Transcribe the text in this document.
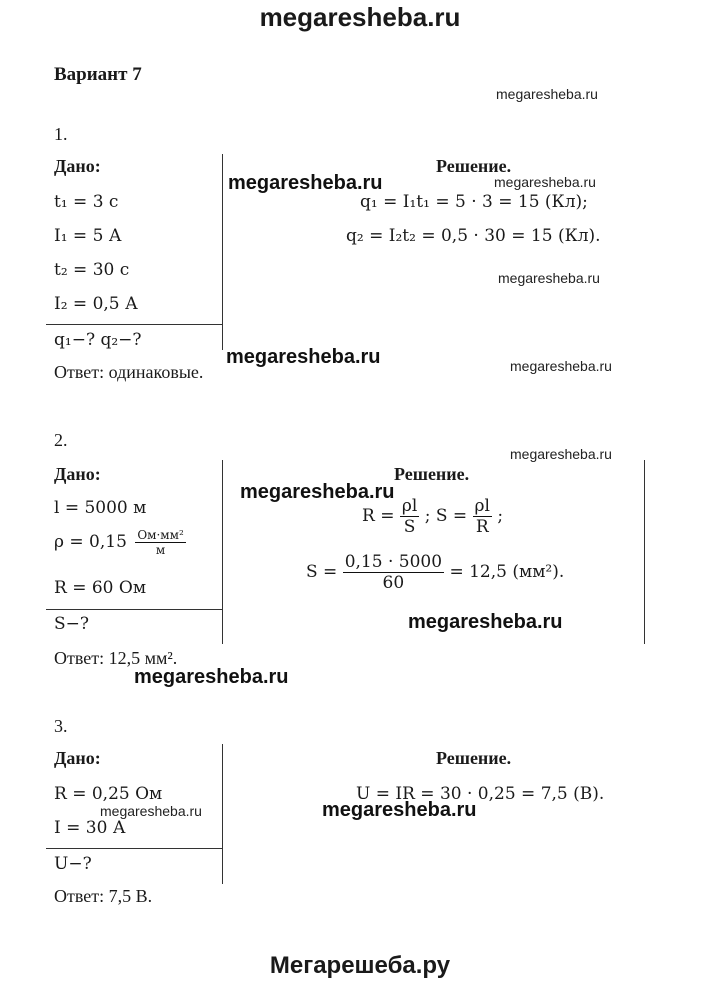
megaresheba.ru
Вариант 7
megaresheba.ru
1.
Дано:
t₁ = 3 с
I₁ = 5 А
t₂ = 30 с
I₂ = 0,5 А
q₁−? q₂−?
Решение.
q₁ = I₁t₁ = 5 · 3 = 15 (Кл);
q₂ = I₂t₂ = 0,5 · 30 = 15 (Кл).
Ответ: одинаковые.
megaresheba.ru	megaresheba.ru
megaresheba.ru
megaresheba.ru	megaresheba.ru
2.
megaresheba.ru
Дано:
l = 5000 м
$\rho = 0,15 \frac{\text{Ом·мм²}}{м}$
R = 60 Ом
S−?
Решение.
$R = \frac{\rho l}{S}$ ; $S = \frac{\rho l}{R}$ ;
$S = \frac{0,15 \cdot 5000}{60} = 12,5$ (мм²).
Ответ: 12,5 мм².
megaresheba.ru
megaresheba.ru
megaresheba.ru
3.
Дано:
R = 0,25 Ом
I = 30 А
U−?
Решение.
U = IR = 30 · 0,25 = 7,5 (В).
Ответ: 7,5 В.
megaresheba.ru	megaresheba.ru
Мегарешеба.ру
